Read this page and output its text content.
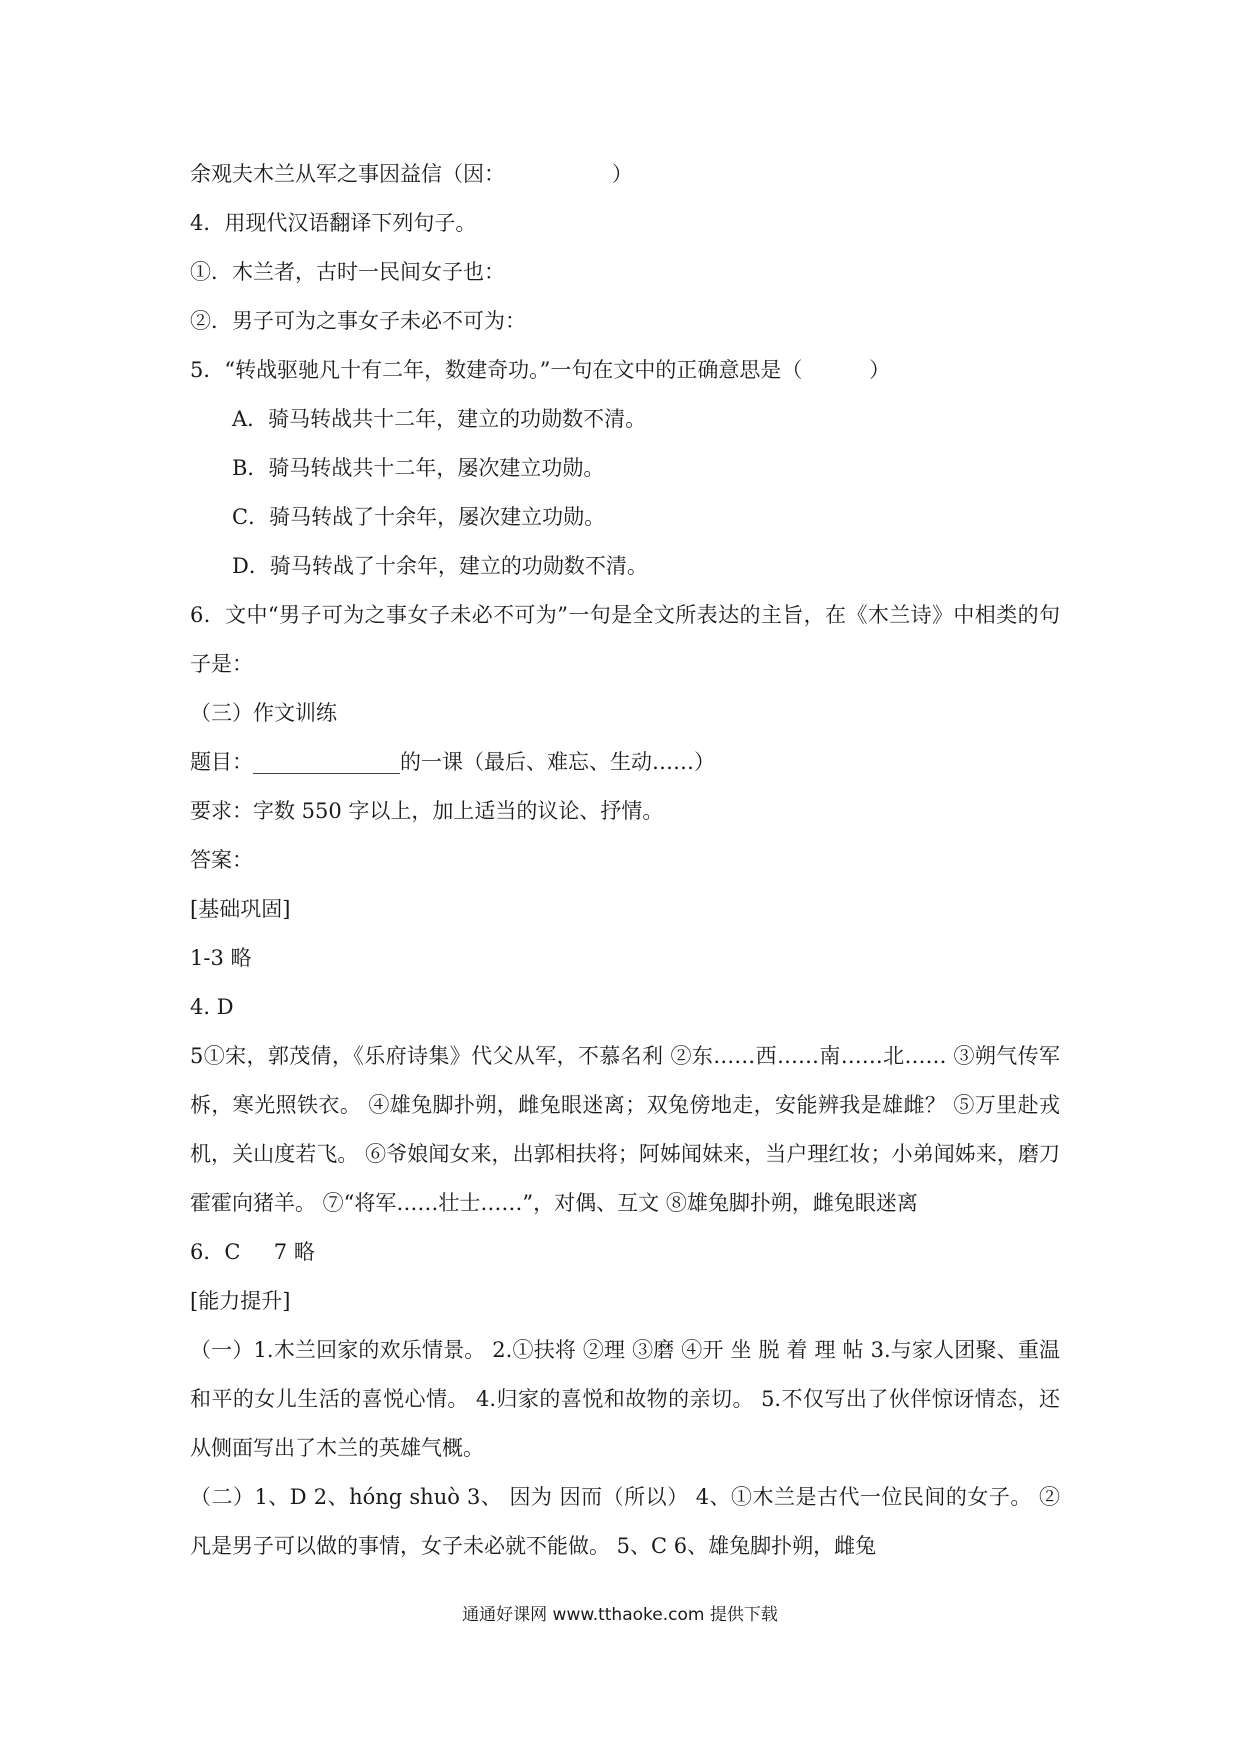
余观夫木兰从军之事因益信（因：                ）
4．用现代汉语翻译下列句子。
①．木兰者，古时一民间女子也：
②．男子可为之事女子未必不可为：
5．“转战驱驰凡十有二年，数建奇功。”一句在文中的正确意思是（          ）
A．骑马转战共十二年，建立的功勋数不清。
B．骑马转战共十二年，屡次建立功勋。
C．骑马转战了十余年，屡次建立功勋。
D．骑马转战了十余年，建立的功勋数不清。
6．文中“男子可为之事女子未必不可为”一句是全文所表达的主旨，在《木兰诗》中相类的句子是：
（三）作文训练
题目：______________的一课（最后、难忘、生动……）
要求：字数 550 字以上，加上适当的议论、抒情。
答案：
[基础巩固]
1-3 略
4. D
5①宋，郭茂倩，《乐府诗集》代父从军，不慕名利 ②东……西……南……北…… ③朔气传军柝，寒光照铁衣。 ④雄兔脚扑朔，雌兔眼迷离；双兔傍地走，安能辨我是雄雌？ ⑤万里赴戎机，关山度若飞。 ⑥爷娘闻女来，出郭相扶将；阿姊闻妹来，当户理红妆；小弟闻姊来，磨刀霍霍向猪羊。 ⑦“将军……壮士……”，对偶、互文 ⑧雄兔脚扑朔，雌兔眼迷离
6．C     7 略
[能力提升]
（一）1.木兰回家的欢乐情景。 2.①扶将 ②理 ③磨 ④开 坐 脱 着 理 帖 3.与家人团聚、重温和平的女儿生活的喜悦心情。 4.归家的喜悦和故物的亲切。 5.不仅写出了伙伴惊讶情态，还从侧面写出了木兰的英雄气概。
（二）1、D 2、hóng shuò 3、 因为 因而（所以） 4、①木兰是古代一位民间的女子。 ②凡是男子可以做的事情，女子未必就不能做。 5、C 6、雄兔脚扑朔，雌兔
通通好课网 www.tthaoke.com 提供下载
